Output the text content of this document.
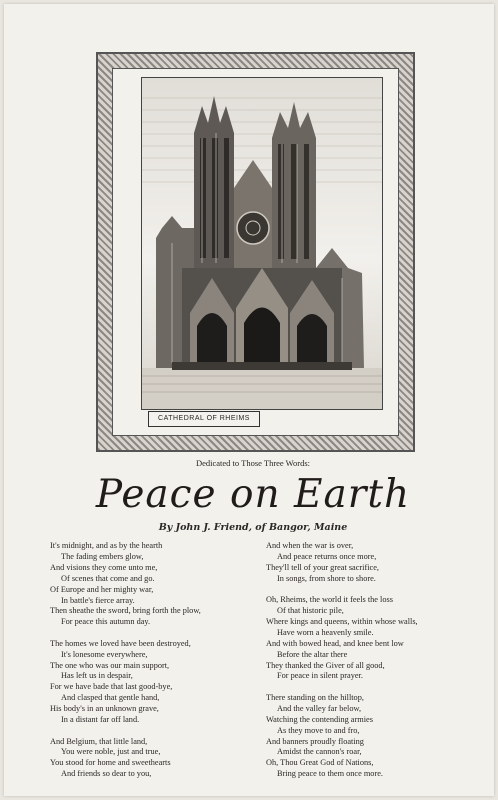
CATHEDRAL OF RHEIMS
Dedicated to Those Three Words:
Peace on Earth
By John J. Friend, of Bangor, Maine
It's midnight, and as by the hearth
The fading embers glow,
And visions they come unto me,
Of scenes that come and go.
Of Europe and her mighty war,
In battle's fierce array.
Then sheathe the sword, bring forth the plow,
For peace this autumn day.
The homes we loved have been destroyed,
It's lonesome everywhere,
The one who was our main support,
Has left us in despair,
For we have bade that last good-bye,
And clasped that gentle hand,
His body's in an unknown grave,
In a distant far off land.
And Belgium, that little land,
You were noble, just and true,
You stood for home and sweethearts
And friends so dear to you,
And when the war is over,
And peace returns once more,
They'll tell of your great sacrifice,
In songs, from shore to shore.
Oh, Rheims, the world it feels the loss
Of that historic pile,
Where kings and queens, within whose walls,
Have worn a heavenly smile.
And with bowed head, and knee bent low
Before the altar there
They thanked the Giver of all good,
For peace in silent prayer.
There standing on the hilltop,
And the valley far below,
Watching the contending armies
As they move to and fro,
And banners proudly floating
Amidst the cannon's roar,
Oh, Thou Great God of Nations,
Bring peace to them once more.
